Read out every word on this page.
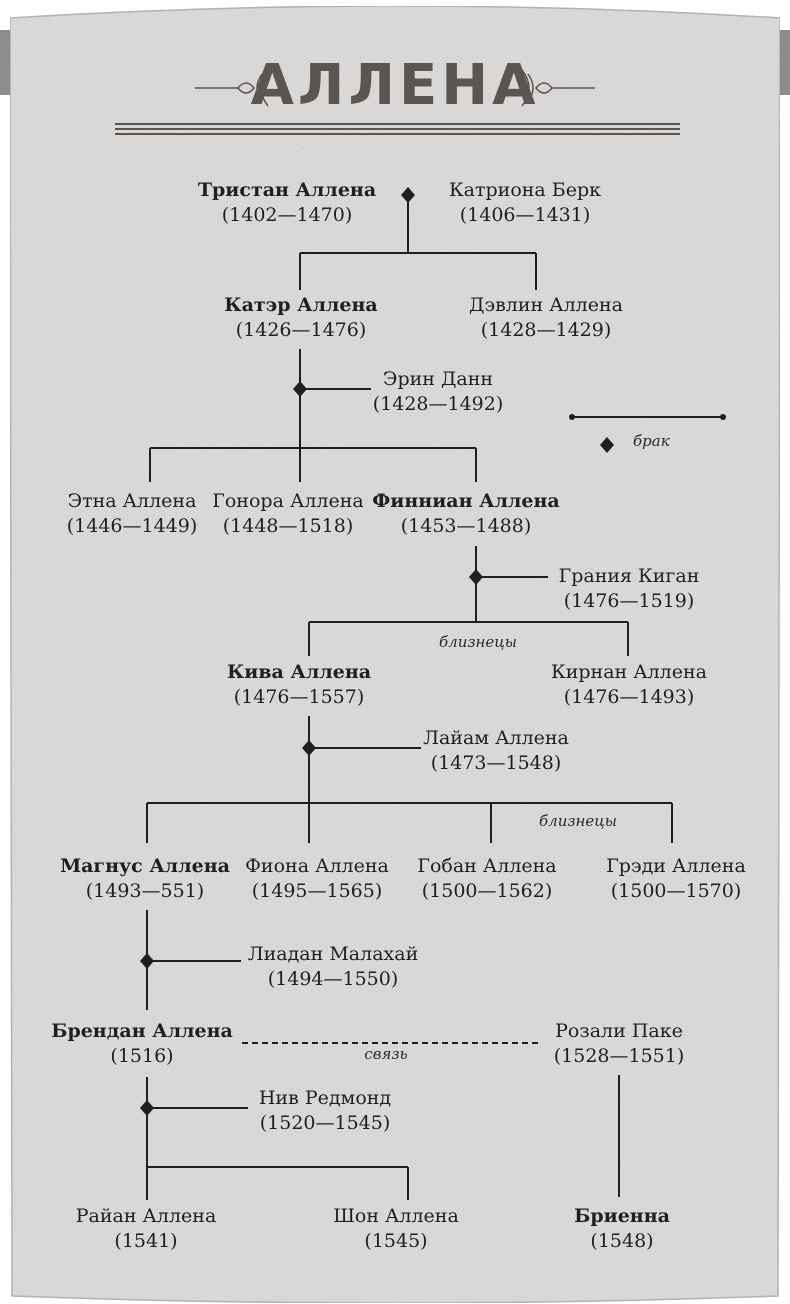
АЛЛЕНА
Тристан Аллена
(1402—1470)
Катриона Берк
(1406—1431)
Катэр Аллена
(1426—1476)
Дэвлин Аллена
(1428—1429)
Эрин Данн
(1428—1492)
Этна Аллена
(1446—1449)
Гонора Аллена
(1448—1518)
Финниан Аллена
(1453—1488)
Грания Киган
(1476—1519)
Кива Аллена
(1476—1557)
Кирнан Аллена
(1476—1493)
Лайам Аллена
(1473—1548)
Магнус Аллена
(1493—551)
Фиона Аллена
(1495—1565)
Гобан Аллена
(1500—1562)
Грэди Аллена
(1500—1570)
Лиадан Малахай
(1494—1550)
Брендан Аллена
(1516)
Розали Паке
(1528—1551)
Нив Редмонд
(1520—1545)
Райан Аллена
(1541)
Шон Аллена
(1545)
Бриенна
(1548)
близнецы
близнецы
связь
брак
